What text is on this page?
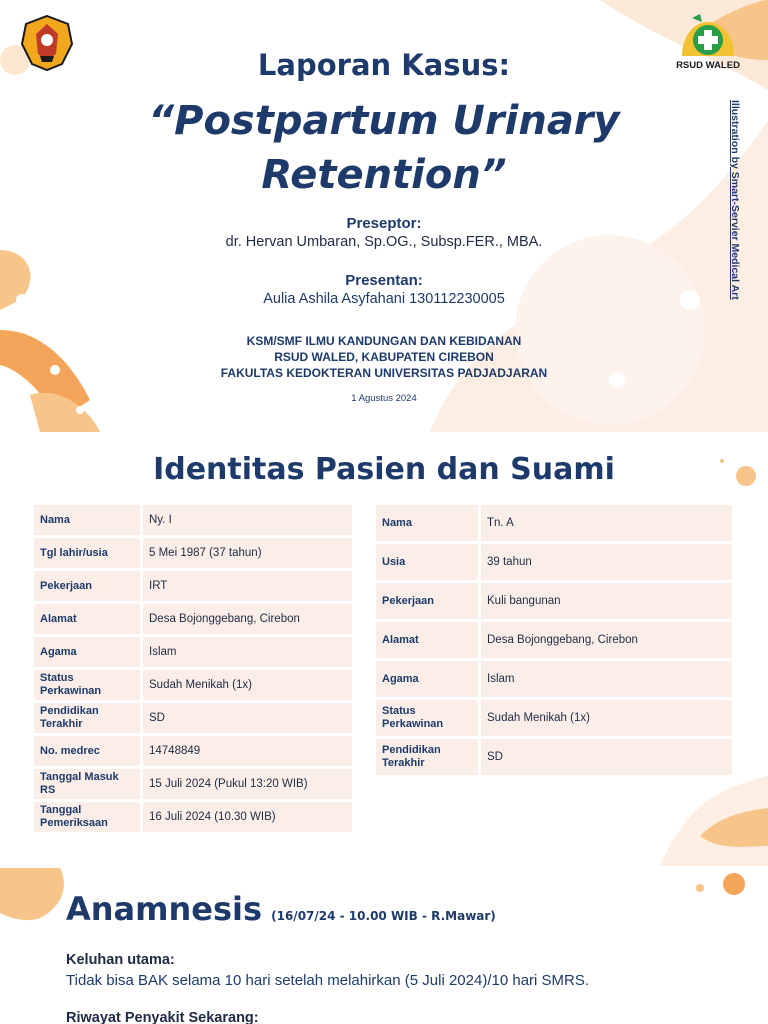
RSUD WALED
Illustration by Smart-Servier Medical Art
Laporan Kasus:
“Postpartum Urinary
Retention”
Preseptor:
dr. Hervan Umbaran, Sp.OG., Subsp.FER., MBA.
Presentan:
Aulia Ashila Asyfahani 130112230005
KSM/SMF ILMU KANDUNGAN DAN KEBIDANAN
RSUD WALED, KABUPATEN CIREBON
FAKULTAS KEDOKTERAN UNIVERSITAS PADJADJARAN
1 Agustus 2024
Identitas Pasien dan Suami
Nama	Ny. I
Tgl lahir/usia	5 Mei 1987 (37 tahun)
Pekerjaan	IRT
Alamat	Desa Bojonggebang, Cirebon
Agama	Islam
Status Perkawinan	Sudah Menikah (1x)
Pendidikan Terakhir	SD
No. medrec	14748849
Tanggal Masuk RS	15 Juli 2024 (Pukul 13:20 WIB)
Tanggal Pemeriksaan	16 Juli 2024 (10.30 WIB)
Nama	Tn. A
Usia	39 tahun
Pekerjaan	Kuli bangunan
Alamat	Desa Bojonggebang, Cirebon
Agama	Islam
Status Perkawinan	Sudah Menikah (1x)
Pendidikan Terakhir	SD
Anamnesis (16/07/24 - 10.00 WIB - R.Mawar)
Keluhan utama:
Tidak bisa BAK selama 10 hari setelah melahirkan (5 Juli 2024)/10 hari SMRS.
Riwayat Penyakit Sekarang:
